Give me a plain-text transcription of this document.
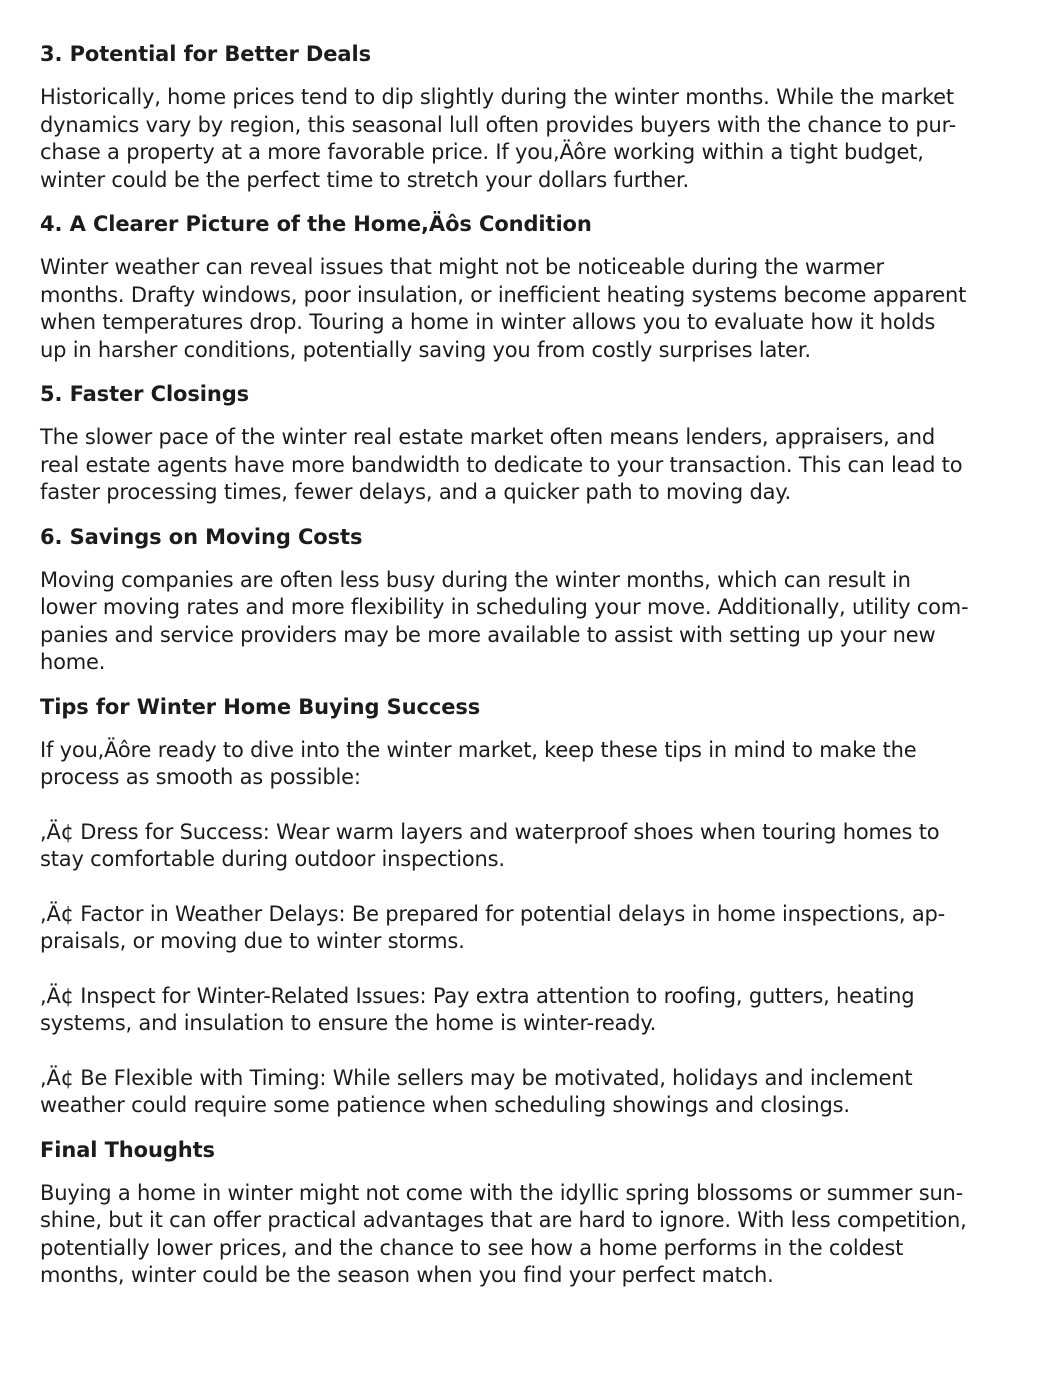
3. Potential for Better Deals
Historically, home prices tend to dip slightly during the winter months. While the market
dynamics vary by region, this seasonal lull often provides buyers with the chance to pur-
chase a property at a more favorable price. If you,Äôre working within a tight budget,
winter could be the perfect time to stretch your dollars further.
4. A Clearer Picture of the Home,Äôs Condition
Winter weather can reveal issues that might not be noticeable during the warmer
months. Drafty windows, poor insulation, or inefficient heating systems become apparent
when temperatures drop. Touring a home in winter allows you to evaluate how it holds
up in harsher conditions, potentially saving you from costly surprises later.
5. Faster Closings
The slower pace of the winter real estate market often means lenders, appraisers, and
real estate agents have more bandwidth to dedicate to your transaction. This can lead to
faster processing times, fewer delays, and a quicker path to moving day.
6. Savings on Moving Costs
Moving companies are often less busy during the winter months, which can result in
lower moving rates and more flexibility in scheduling your move. Additionally, utility com-
panies and service providers may be more available to assist with setting up your new
home.
Tips for Winter Home Buying Success
If you,Äôre ready to dive into the winter market, keep these tips in mind to make the
process as smooth as possible:
,Ä¢ Dress for Success: Wear warm layers and waterproof shoes when touring homes to
stay comfortable during outdoor inspections.
,Ä¢ Factor in Weather Delays: Be prepared for potential delays in home inspections, ap-
praisals, or moving due to winter storms.
,Ä¢ Inspect for Winter-Related Issues: Pay extra attention to roofing, gutters, heating
systems, and insulation to ensure the home is winter-ready.
,Ä¢ Be Flexible with Timing: While sellers may be motivated, holidays and inclement
weather could require some patience when scheduling showings and closings.
Final Thoughts
Buying a home in winter might not come with the idyllic spring blossoms or summer sun-
shine, but it can offer practical advantages that are hard to ignore. With less competition,
potentially lower prices, and the chance to see how a home performs in the coldest
months, winter could be the season when you find your perfect match.
